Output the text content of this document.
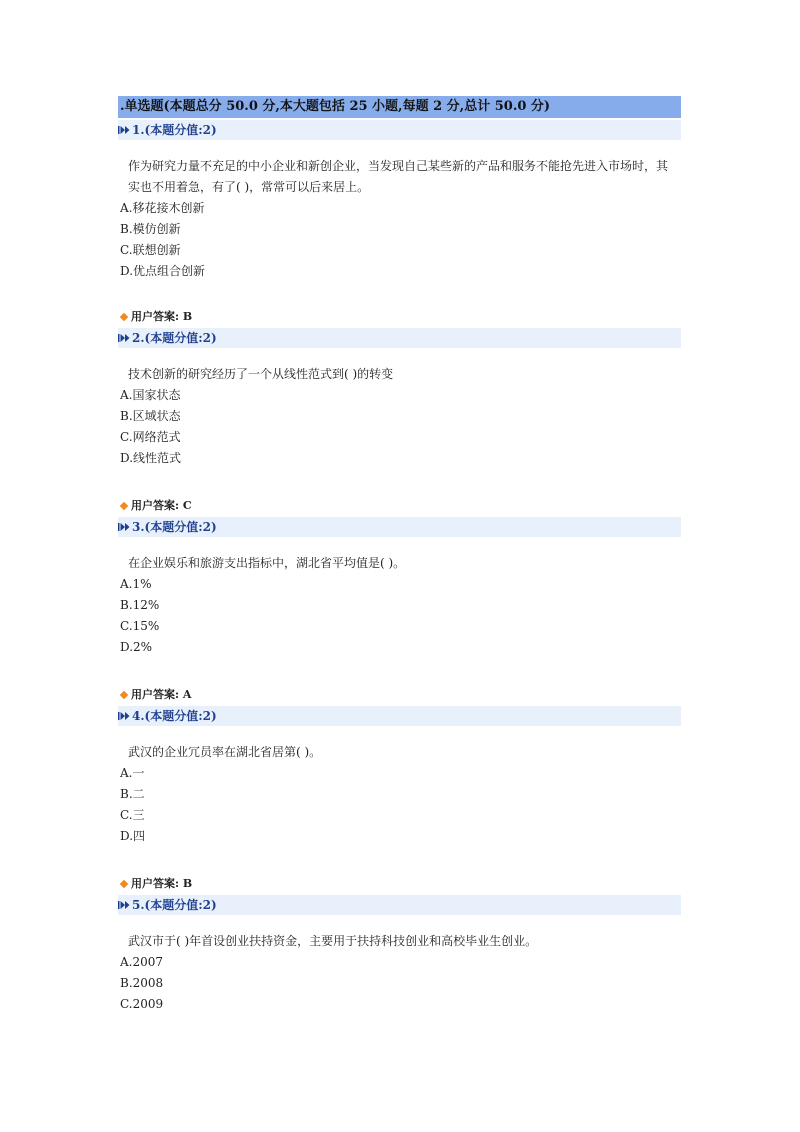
.单选题(本题总分 50.0 分,本大题包括 25 小题,每题 2 分,总计 50.0 分)
1.(本题分值:2)
作为研究力量不充足的中小企业和新创企业，当发现自己某些新的产品和服务不能抢先进入市场时，其实也不用着急，有了( )，常常可以后来居上。
A.移花接木创新
B.模仿创新
C.联想创新
D.优点组合创新
用户答案: B
2.(本题分值:2)
技术创新的研究经历了一个从线性范式到( )的转变
A.国家状态
B.区域状态
C.网络范式
D.线性范式
用户答案: C
3.(本题分值:2)
在企业娱乐和旅游支出指标中，湖北省平均值是( )。
A.1%
B.12%
C.15%
D.2%
用户答案: A
4.(本题分值:2)
武汉的企业冗员率在湖北省居第( )。
A.一
B.二
C.三
D.四
用户答案: B
5.(本题分值:2)
武汉市于( )年首设创业扶持资金，主要用于扶持科技创业和高校毕业生创业。
A.2007
B.2008
C.2009
